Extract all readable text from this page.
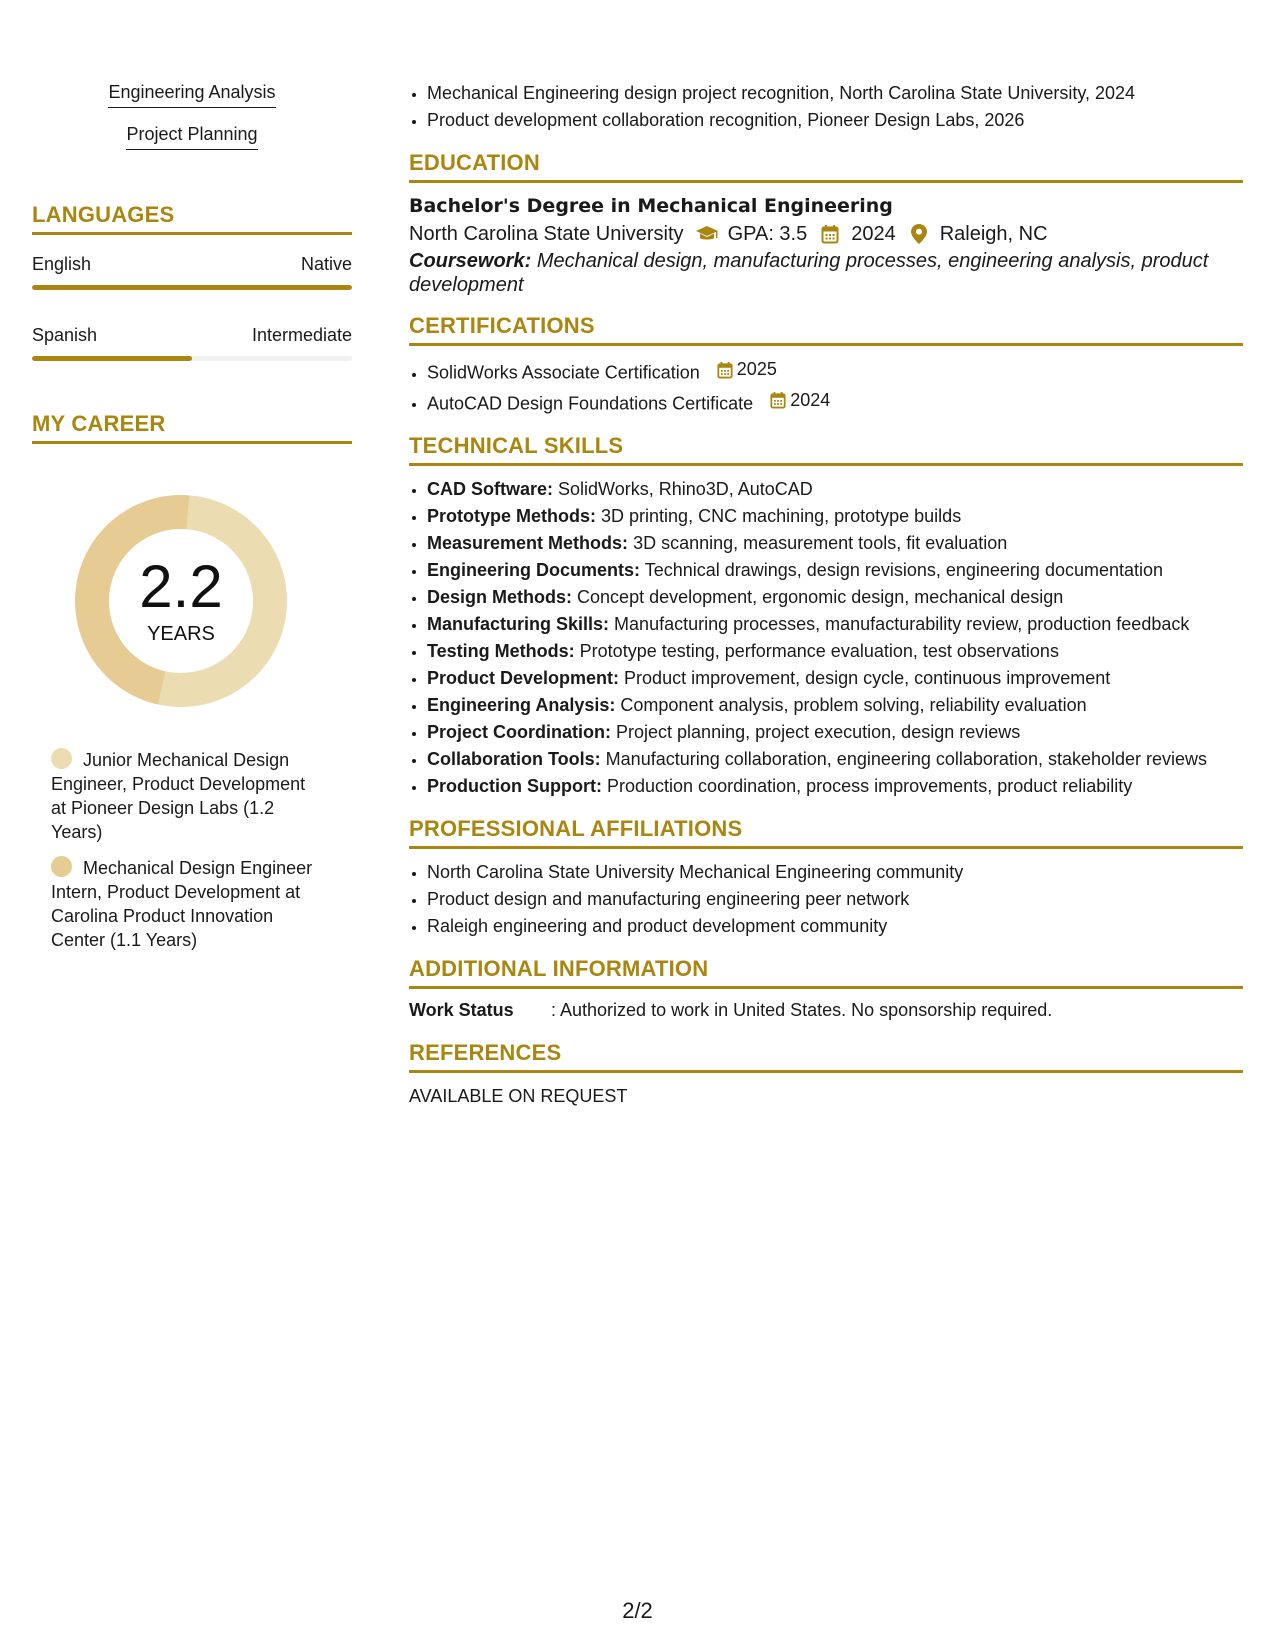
Engineering Analysis
Project Planning
LANGUAGES
English	Native
Spanish	Intermediate
MY CAREER
2.2
YEARS
Junior Mechanical Design Engineer, Product Development at Pioneer Design Labs (1.2 Years)
Mechanical Design Engineer Intern, Product Development at Carolina Product Innovation Center (1.1 Years)
• Mechanical Engineering design project recognition, North Carolina State University, 2024
• Product development collaboration recognition, Pioneer Design Labs, 2026
EDUCATION
Bachelor's Degree in Mechanical Engineering
North Carolina State University GPA: 3.5 2024 Raleigh, NC
Coursework: Mechanical design, manufacturing processes, engineering analysis, product development
CERTIFICATIONS
• SolidWorks Associate Certification 2025
• AutoCAD Design Foundations Certificate 2024
TECHNICAL SKILLS
• CAD Software: SolidWorks, Rhino3D, AutoCAD
• Prototype Methods: 3D printing, CNC machining, prototype builds
• Measurement Methods: 3D scanning, measurement tools, fit evaluation
• Engineering Documents: Technical drawings, design revisions, engineering documentation
• Design Methods: Concept development, ergonomic design, mechanical design
• Manufacturing Skills: Manufacturing processes, manufacturability review, production feedback
• Testing Methods: Prototype testing, performance evaluation, test observations
• Product Development: Product improvement, design cycle, continuous improvement
• Engineering Analysis: Component analysis, problem solving, reliability evaluation
• Project Coordination: Project planning, project execution, design reviews
• Collaboration Tools: Manufacturing collaboration, engineering collaboration, stakeholder reviews
• Production Support: Production coordination, process improvements, product reliability
PROFESSIONAL AFFILIATIONS
• North Carolina State University Mechanical Engineering community
• Product design and manufacturing engineering peer network
• Raleigh engineering and product development community
ADDITIONAL INFORMATION
Work Status	: Authorized to work in United States. No sponsorship required.
REFERENCES
AVAILABLE ON REQUEST
2/2
